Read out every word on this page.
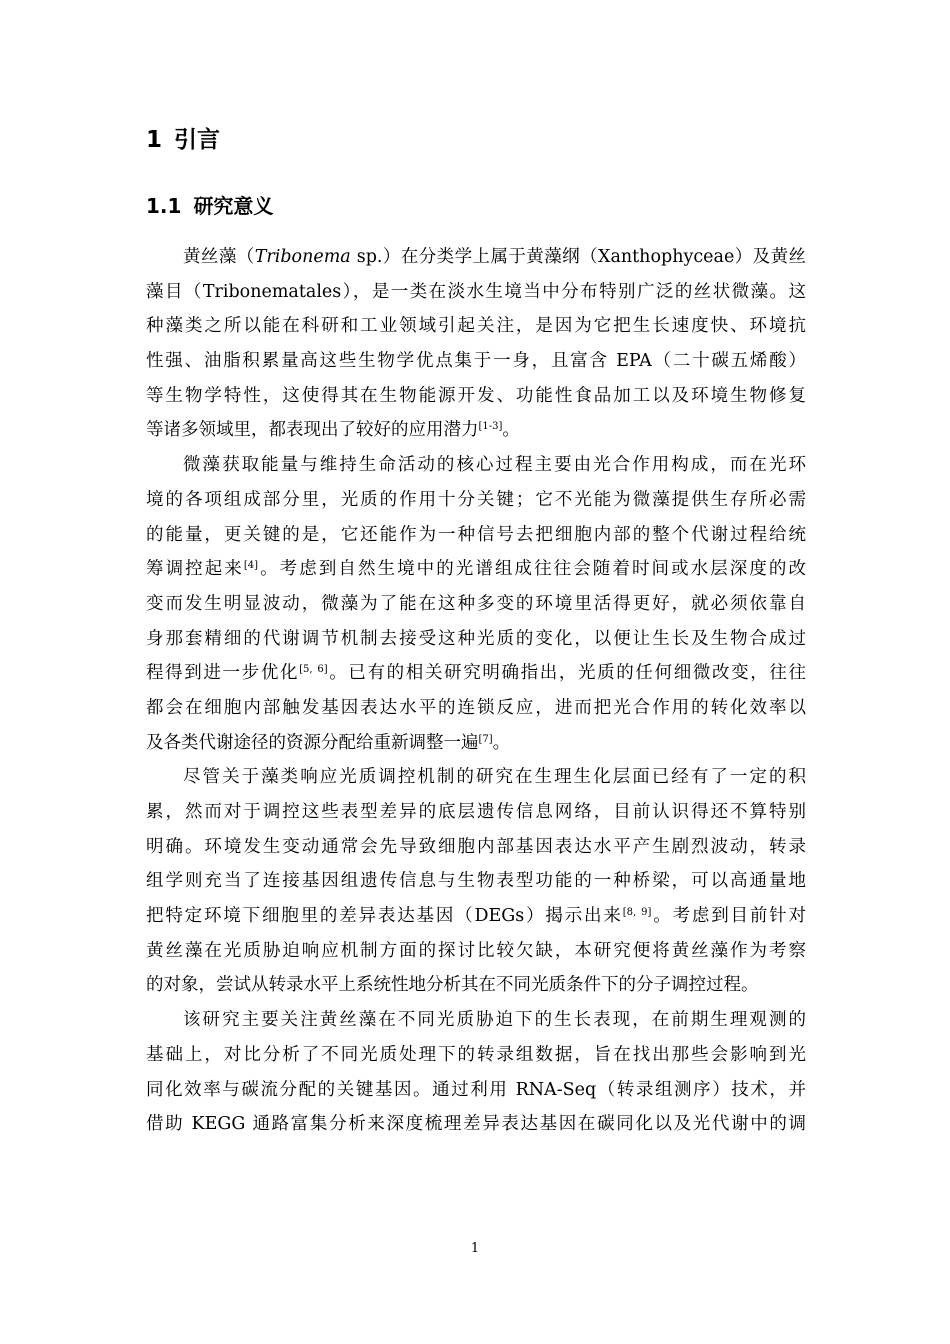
1 引言
1.1 研究意义
黄丝藻（Tribonema sp.）在分类学上属于黄藻纲（Xanthophyceae）及黄丝
藻目（Tribonematales），是一类在淡水生境当中分布特别广泛的丝状微藻。这
种藻类之所以能在科研和工业领域引起关注，是因为它把生长速度快、环境抗
性强、油脂积累量高这些生物学优点集于一身，且富含 EPA（二十碳五烯酸）
等生物学特性，这使得其在生物能源开发、功能性食品加工以及环境生物修复
等诸多领域里，都表现出了较好的应用潜力[1-3]。
微藻获取能量与维持生命活动的核心过程主要由光合作用构成，而在光环
境的各项组成部分里，光质的作用十分关键；它不光能为微藻提供生存所必需
的能量，更关键的是，它还能作为一种信号去把细胞内部的整个代谢过程给统
筹调控起来[4]。考虑到自然生境中的光谱组成往往会随着时间或水层深度的改
变而发生明显波动，微藻为了能在这种多变的环境里活得更好，就必须依靠自
身那套精细的代谢调节机制去接受这种光质的变化，以便让生长及生物合成过
程得到进一步优化[5, 6]。已有的相关研究明确指出，光质的任何细微改变，往往
都会在细胞内部触发基因表达水平的连锁反应，进而把光合作用的转化效率以
及各类代谢途径的资源分配给重新调整一遍[7]。
尽管关于藻类响应光质调控机制的研究在生理生化层面已经有了一定的积
累，然而对于调控这些表型差异的底层遗传信息网络，目前认识得还不算特别
明确。环境发生变动通常会先导致细胞内部基因表达水平产生剧烈波动，转录
组学则充当了连接基因组遗传信息与生物表型功能的一种桥梁，可以高通量地
把特定环境下细胞里的差异表达基因（DEGs）揭示出来[8, 9]。考虑到目前针对
黄丝藻在光质胁迫响应机制方面的探讨比较欠缺，本研究便将黄丝藻作为考察
的对象，尝试从转录水平上系统性地分析其在不同光质条件下的分子调控过程。
该研究主要关注黄丝藻在不同光质胁迫下的生长表现，在前期生理观测的
基础上，对比分析了不同光质处理下的转录组数据，旨在找出那些会影响到光
同化效率与碳流分配的关键基因。通过利用 RNA-Seq（转录组测序）技术，并
借助 KEGG 通路富集分析来深度梳理差异表达基因在碳同化以及光代谢中的调
1
